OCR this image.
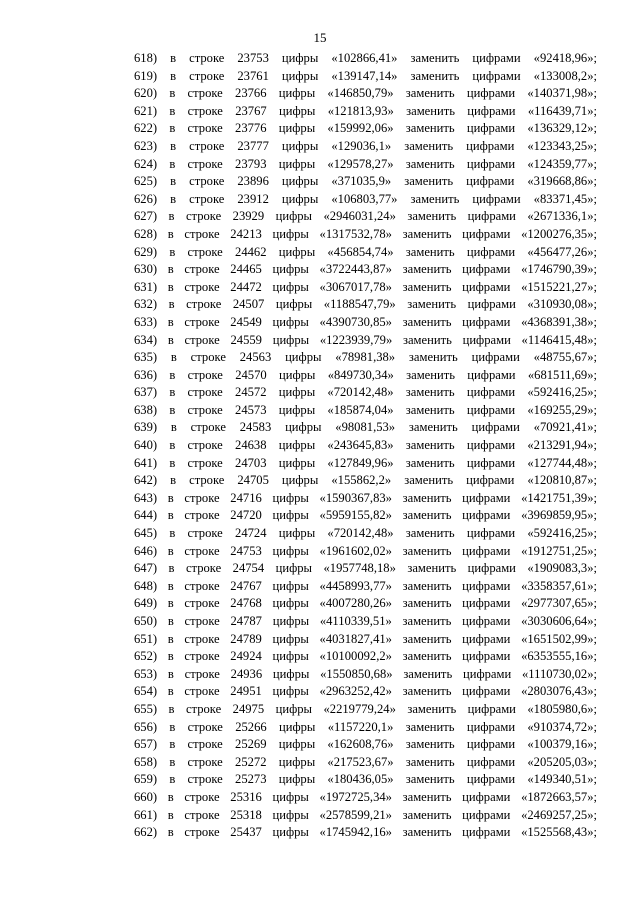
15
618) в строке 23753 цифры «102866,41» заменить цифрами «92418,96»;
619) в строке 23761 цифры «139147,14» заменить цифрами «133008,2»;
620) в строке 23766 цифры «146850,79» заменить цифрами «140371,98»;
621) в строке 23767 цифры «121813,93» заменить цифрами «116439,71»;
622) в строке 23776 цифры «159992,06» заменить цифрами «136329,12»;
623) в строке 23777 цифры «129036,1» заменить цифрами «123343,25»;
624) в строке 23793 цифры «129578,27» заменить цифрами «124359,77»;
625) в строке 23896 цифры «371035,9» заменить цифрами «319668,86»;
626) в строке 23912 цифры «106803,77» заменить цифрами «83371,45»;
627) в строке 23929 цифры «2946031,24» заменить цифрами «2671336,1»;
628) в строке 24213 цифры «1317532,78» заменить цифрами «1200276,35»;
629) в строке 24462 цифры «456854,74» заменить цифрами «456477,26»;
630) в строке 24465 цифры «3722443,87» заменить цифрами «1746790,39»;
631) в строке 24472 цифры «3067017,78» заменить цифрами «1515221,27»;
632) в строке 24507 цифры «1188547,79» заменить цифрами «310930,08»;
633) в строке 24549 цифры «4390730,85» заменить цифрами «4368391,38»;
634) в строке 24559 цифры «1223939,79» заменить цифрами «1146415,48»;
635) в строке 24563 цифры «78981,38» заменить цифрами «48755,67»;
636) в строке 24570 цифры «849730,34» заменить цифрами «681511,69»;
637) в строке 24572 цифры «720142,48» заменить цифрами «592416,25»;
638) в строке 24573 цифры «185874,04» заменить цифрами «169255,29»;
639) в строке 24583 цифры «98081,53» заменить цифрами «70921,41»;
640) в строке 24638 цифры «243645,83» заменить цифрами «213291,94»;
641) в строке 24703 цифры «127849,96» заменить цифрами «127744,48»;
642) в строке 24705 цифры «155862,2» заменить цифрами «120810,87»;
643) в строке 24716 цифры «1590367,83» заменить цифрами «1421751,39»;
644) в строке 24720 цифры «5959155,82» заменить цифрами «3969859,95»;
645) в строке 24724 цифры «720142,48» заменить цифрами «592416,25»;
646) в строке 24753 цифры «1961602,02» заменить цифрами «1912751,25»;
647) в строке 24754 цифры «1957748,18» заменить цифрами «1909083,3»;
648) в строке 24767 цифры «4458993,77» заменить цифрами «3358357,61»;
649) в строке 24768 цифры «4007280,26» заменить цифрами «2977307,65»;
650) в строке 24787 цифры «4110339,51» заменить цифрами «3030606,64»;
651) в строке 24789 цифры «4031827,41» заменить цифрами «1651502,99»;
652) в строке 24924 цифры «10100092,2» заменить цифрами «6353555,16»;
653) в строке 24936 цифры «1550850,68» заменить цифрами «1110730,02»;
654) в строке 24951 цифры «2963252,42» заменить цифрами «2803076,43»;
655) в строке 24975 цифры «2219779,24» заменить цифрами «1805980,6»;
656) в строке 25266 цифры «1157220,1» заменить цифрами «910374,72»;
657) в строке 25269 цифры «162608,76» заменить цифрами «100379,16»;
658) в строке 25272 цифры «217523,67» заменить цифрами «205205,03»;
659) в строке 25273 цифры «180436,05» заменить цифрами «149340,51»;
660) в строке 25316 цифры «1972725,34» заменить цифрами «1872663,57»;
661) в строке 25318 цифры «2578599,21» заменить цифрами «2469257,25»;
662) в строке 25437 цифры «1745942,16» заменить цифрами «1525568,43»;
